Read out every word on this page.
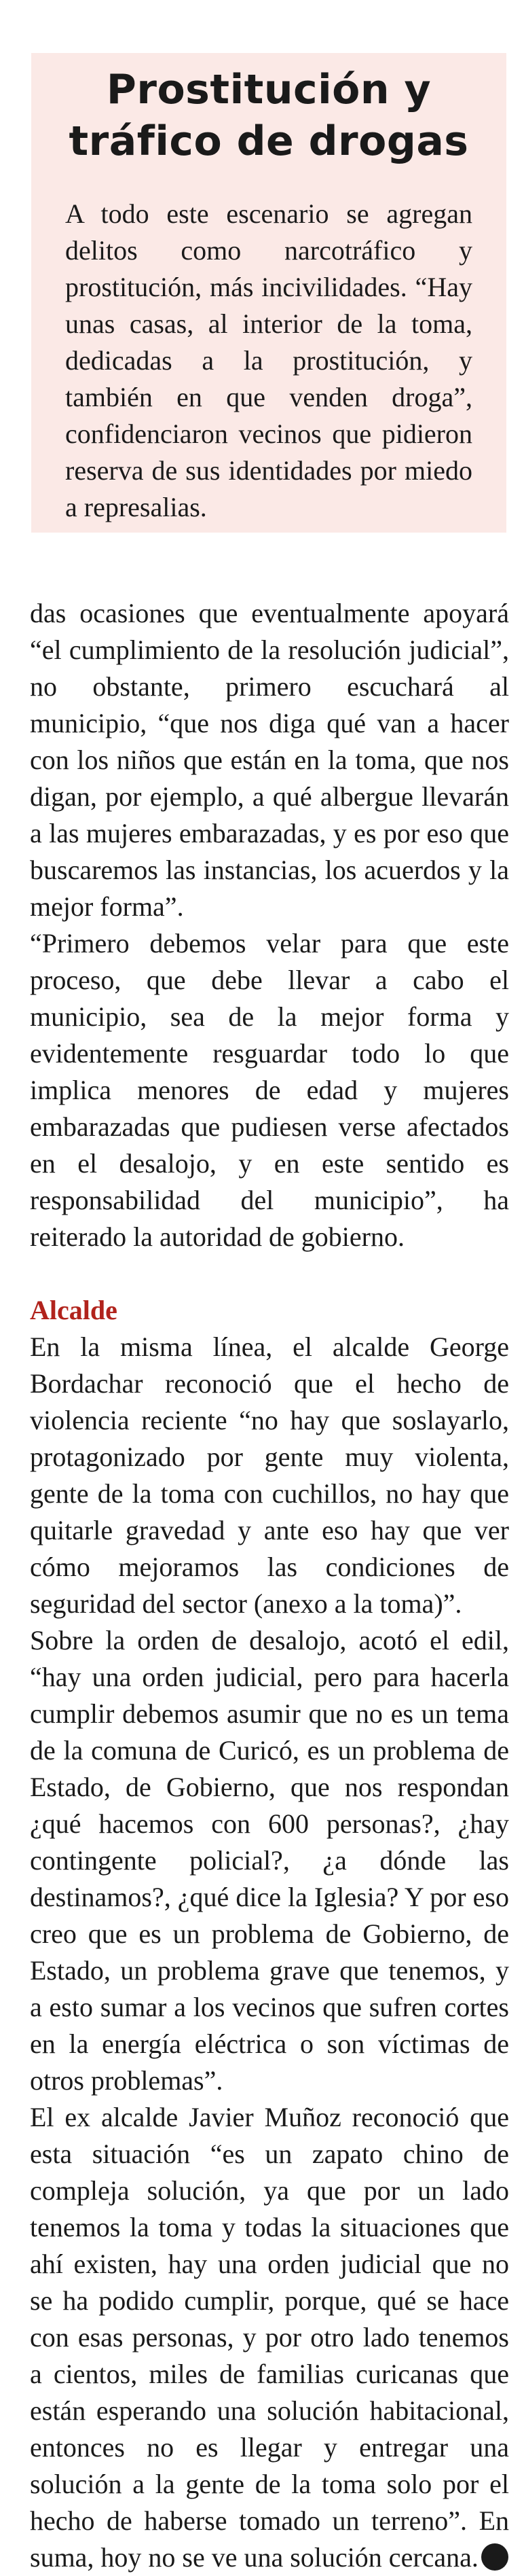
Prostitución y
tráfico de drogas

A todo este escenario se agregan delitos como narcotráfico y prostitución, más incivilidades. “Hay unas casas, al interior de la toma, dedicadas a la prostitución, y también en que venden droga”, confidenciaron vecinos que pidieron reserva de sus identidades por miedo a represalias.

das ocasiones que eventualmente apoyará “el cumplimiento de la resolución judicial”, no obstante, primero escuchará al municipio, “que nos diga qué van a hacer con los niños que están en la toma, que nos digan, por ejemplo, a qué albergue llevarán a las mujeres embarazadas, y es por eso que buscaremos las instancias, los acuerdos y la mejor forma”.

“Primero debemos velar para que este proceso, que debe llevar a cabo el municipio, sea de la mejor forma y evidentemente resguardar todo lo que implica menores de edad y mujeres embarazadas que pudiesen verse afectados en el desalojo, y en este sentido es responsabilidad del municipio”, ha reiterado la autoridad de gobierno.

Alcalde

En la misma línea, el alcalde George Bordachar reconoció que el hecho de violencia reciente “no hay que soslayarlo, protagonizado por gente muy violenta, gente de la toma con cuchillos, no hay que quitarle gravedad y ante eso hay que ver cómo mejoramos las condiciones de seguridad del sector (anexo a la toma)”.

Sobre la orden de desalojo, acotó el edil, “hay una orden judicial, pero para hacerla cumplir debemos asumir que no es un tema de la comuna de Curicó, es un problema de Estado, de Gobierno, que nos respondan ¿qué hacemos con 600 personas?, ¿hay contingente policial?, ¿a dónde las destinamos?, ¿qué dice la Iglesia? Y por eso creo que es un problema de Gobierno, de Estado, un problema grave que tenemos, y a esto sumar a los vecinos que sufren cortes en la energía eléctrica o son víctimas de otros problemas”.

El ex alcalde Javier Muñoz reconoció que esta situación “es un zapato chino de compleja solución, ya que por un lado tenemos la toma y todas la situaciones que ahí existen, hay una orden judicial que no se ha podido cumplir, porque, qué se hace con esas personas, y por otro lado tenemos a cientos, miles de familias curicanas que están esperando una solución habitacional, entonces no es llegar y entregar una solución a la gente de la toma solo por el hecho de haberse tomado un terreno”. En suma, hoy no se ve una solución cercana.
